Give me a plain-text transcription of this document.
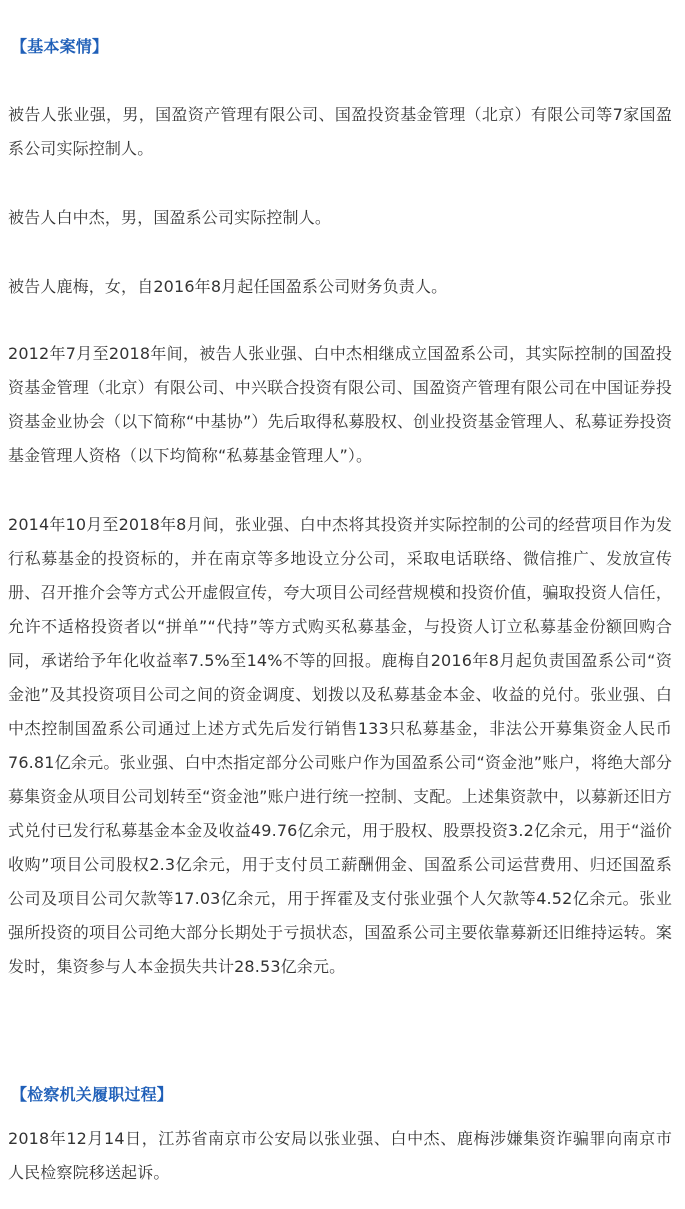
【基本案情】

被告人张业强，男，国盈资产管理有限公司、国盈投资基金管理（北京）有限公司等7家国盈系公司实际控制人。

被告人白中杰，男，国盈系公司实际控制人。

被告人鹿梅，女，自2016年8月起任国盈系公司财务负责人。

2012年7月至2018年间，被告人张业强、白中杰相继成立国盈系公司，其实际控制的国盈投资基金管理（北京）有限公司、中兴联合投资有限公司、国盈资产管理有限公司在中国证券投资基金业协会（以下简称“中基协”）先后取得私募股权、创业投资基金管理人、私募证券投资基金管理人资格（以下均简称“私募基金管理人”）。

2014年10月至2018年8月间，张业强、白中杰将其投资并实际控制的公司的经营项目作为发行私募基金的投资标的，并在南京等多地设立分公司，采取电话联络、微信推广、发放宣传册、召开推介会等方式公开虚假宣传，夸大项目公司经营规模和投资价值，骗取投资人信任，允许不适格投资者以“拼单”“代持”等方式购买私募基金，与投资人订立私募基金份额回购合同，承诺给予年化收益率7.5%至14%不等的回报。鹿梅自2016年8月起负责国盈系公司“资金池”及其投资项目公司之间的资金调度、划拨以及私募基金本金、收益的兑付。张业强、白中杰控制国盈系公司通过上述方式先后发行销售133只私募基金，非法公开募集资金人民币76.81亿余元。张业强、白中杰指定部分公司账户作为国盈系公司“资金池”账户，将绝大部分募集资金从项目公司划转至“资金池”账户进行统一控制、支配。上述集资款中，以募新还旧方式兑付已发行私募基金本金及收益49.76亿余元，用于股权、股票投资3.2亿余元，用于“溢价收购”项目公司股权2.3亿余元，用于支付员工薪酬佣金、国盈系公司运营费用、归还国盈系公司及项目公司欠款等17.03亿余元，用于挥霍及支付张业强个人欠款等4.52亿余元。张业强所投资的项目公司绝大部分长期处于亏损状态，国盈系公司主要依靠募新还旧维持运转。案发时，集资参与人本金损失共计28.53亿余元。

【检察机关履职过程】

2018年12月14日，江苏省南京市公安局以张业强、白中杰、鹿梅涉嫌集资诈骗罪向南京市人民检察院移送起诉。
